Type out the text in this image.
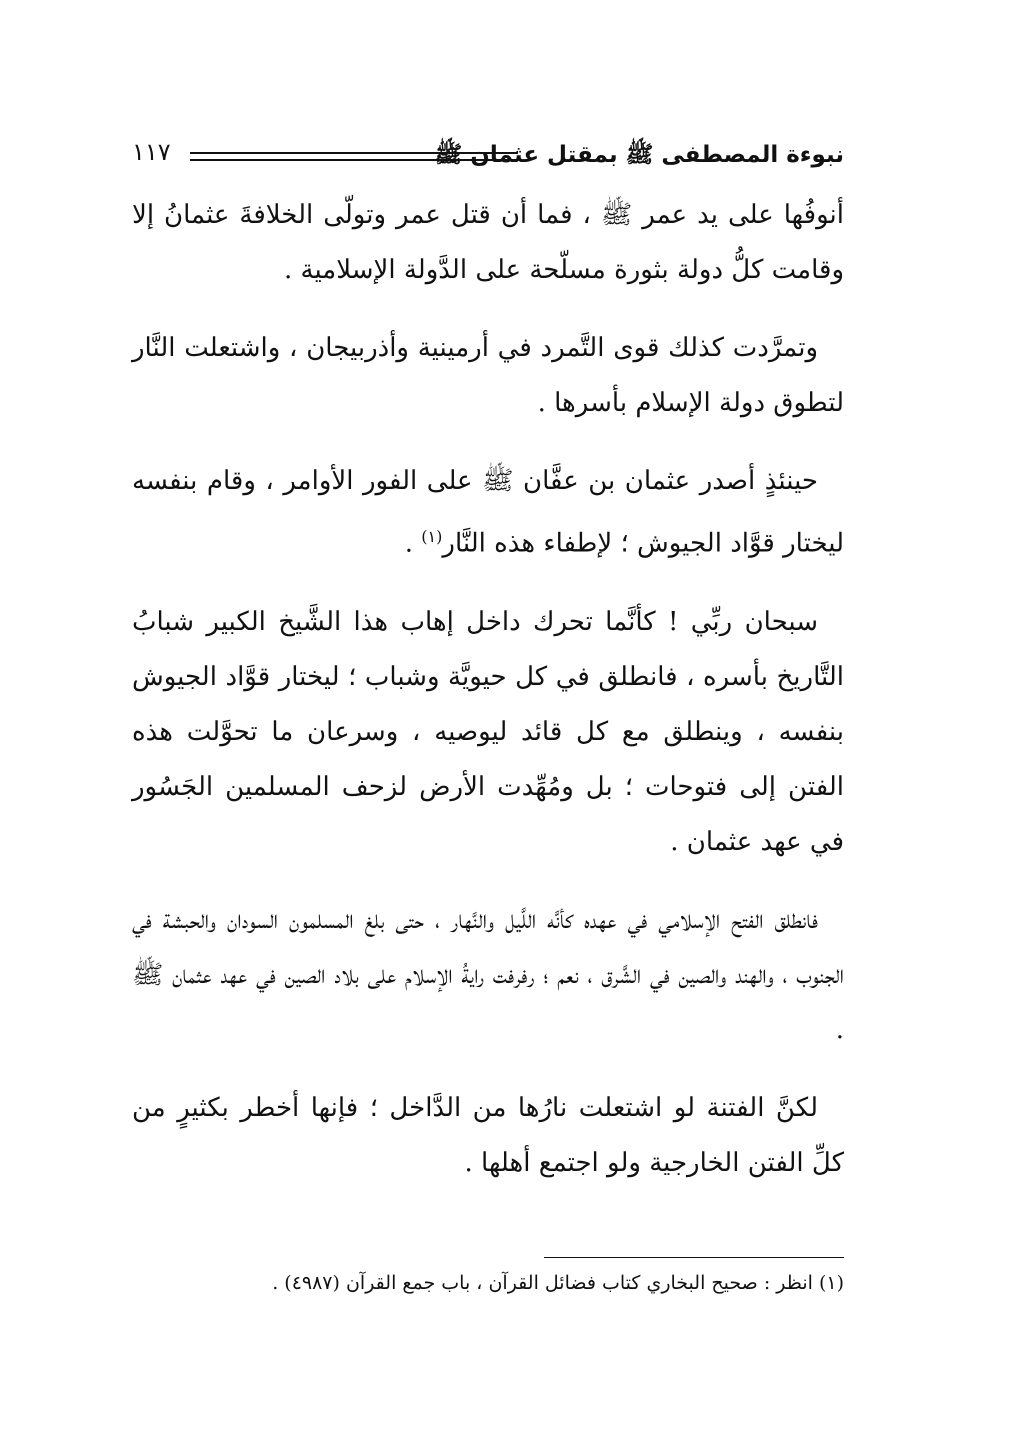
نبوءة المصطفى ﷺ بمقتل عثمان ﷺ
١١٧

أنوفُها على يد عمر ﷺ ، فما أن قتل عمر وتولّى الخلافةَ عثمانُ إلا وقامت كلُّ دولة بثورة مسلّحة على الدَّولة الإسلامية .

وتمرَّدت كذلك قوى التَّمرد في أرمينية وأذربيجان ، واشتعلت النَّار لتطوق دولة الإسلام بأسرها .

حينئذٍ أصدر عثمان بن عفَّان ﷺ على الفور الأوامر ، وقام بنفسه ليختار قوَّاد الجيوش ؛ لإطفاء هذه النَّار$^{(١)}$ .

سبحان ربِّي ! كأنَّما تحرك داخل إهاب هذا الشَّيخ الكبير شبابُ التَّاريخ بأسره ، فانطلق في كل حيويَّة وشباب ؛ ليختار قوَّاد الجيوش بنفسه ، وينطلق مع كل قائد ليوصيه ، وسرعان ما تحوَّلت هذه الفتن إلى فتوحات ؛ بل ومُهِّدت الأرض لزحف المسلمين الجَسُور في عهد عثمان .

فانطلق الفتح الإسلامي في عهده كأنَّه اللَّيل والنَّهار ، حتى بلغ المسلمون السودان والحبشة في الجنوب ، والهند والصين في الشَّرق ، نعم ؛ رفرفت رايةُ الإسلام على بلاد الصين في عهد عثمان ﷺ .

لكنَّ الفتنة لو اشتعلت نارُها من الدَّاخل ؛ فإنها أخطر بكثيرٍ من كلِّ الفتن الخارجية ولو اجتمع أهلها .

(١) انظر : صحيح البخاري كتاب فضائل القرآن ، باب جمع القرآن (٤٩٨٧) .
